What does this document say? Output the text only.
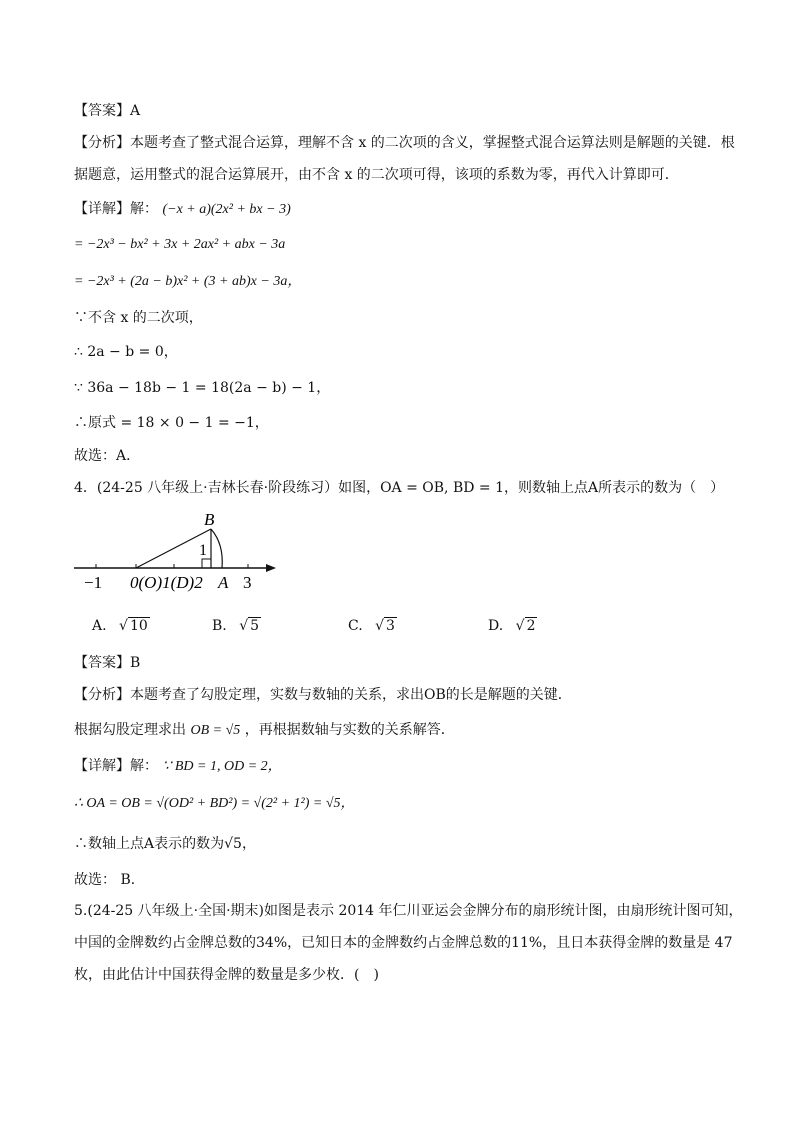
【答案】A
【分析】本题考查了整式混合运算，理解不含 x 的二次项的含义，掌握整式混合运算法则是解题的关键．根
据题意，运用整式的混合运算展开，由不含 x 的二次项可得，该项的系数为零，再代入计算即可．
【详解】解： (−x + a)(2x² + bx − 3)
= −2x³ − bx² + 3x + 2ax² + abx − 3a
= −2x³ + (2a − b)x² + (3 + ab)x − 3a，
∵不含 x 的二次项，
∴ 2a − b = 0，
∵ 36a − 18b − 1 = 18(2a − b) − 1，
∴原式 = 18 × 0 − 1 = −1，
故选：A．
4．(24-25 八年级上·吉林长春·阶段练习）如图，OA = OB, BD = 1，则数轴上点A所表示的数为（　）
B
1
−1 0(O)1(D)2 A 3
A. √ 10	B. √ 5	C. √ 3	D. √ 2
【答案】B
【分析】本题考查了勾股定理，实数与数轴的关系，求出OB的长是解题的关键．
根据勾股定理求出 OB = √5 ，再根据数轴与实数的关系解答．
【详解】解： ∵ BD = 1, OD = 2，
∴ OA = OB = √(OD² + BD²) = √(2² + 1²) = √5，
∴数轴上点A表示的数为√5，
故选： B．
5.(24-25 八年级上·全国·期末)如图是表示 2014 年仁川亚运会金牌分布的扇形统计图，由扇形统计图可知，
中国的金牌数约占金牌总数的34%，已知日本的金牌数约占金牌总数的11%，且日本获得金牌的数量是 47
枚，由此估计中国获得金牌的数量是多少枚．(　)
